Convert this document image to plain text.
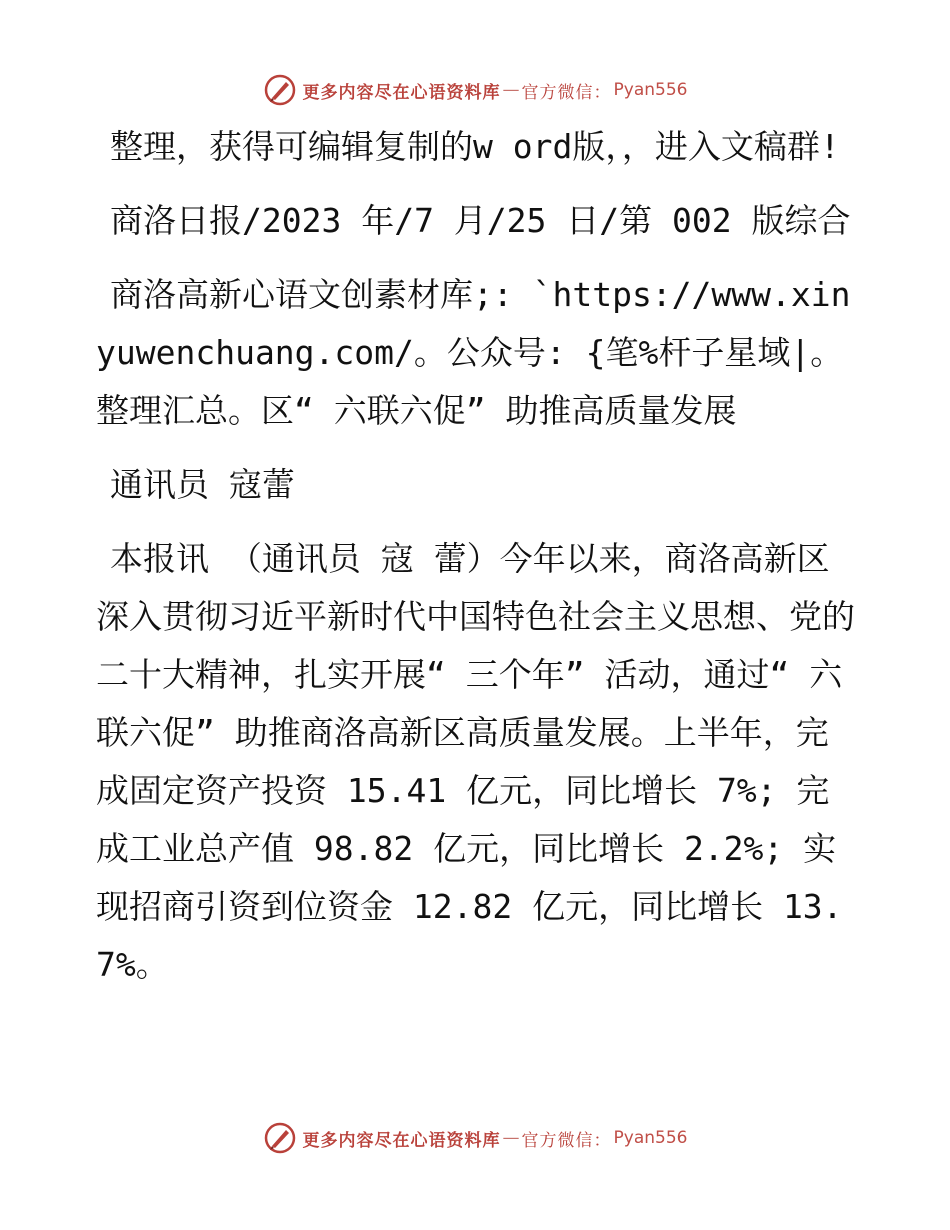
更多内容尽在心语资料库 — 官方微信： Pyan556

整理，获得可编辑复制的w ord版，，进入文稿群!

商洛日报/2023 年/7 月/25 日/第 002 版综合

商洛高新心语文创素材库;: `https://www.xinyuwenchuang.com/。公众号: {笔%杆子星域|。整理汇总。区“ 六联六促” 助推高质量发展

通讯员 寇蕾

本报讯 （通讯员 寇 蕾）今年以来，商洛高新区深入贯彻习近平新时代中国特色社会主义思想、党的二十大精神，扎实开展“ 三个年” 活动，通过“ 六联六促” 助推商洛高新区高质量发展。上半年，完成固定资产投资 15.41 亿元，同比增长 7%; 完成工业总产值 98.82 亿元，同比增长 2.2%; 实现招商引资到位资金 12.82 亿元，同比增长 13.7%。

更多内容尽在心语资料库 — 官方微信： Pyan556
